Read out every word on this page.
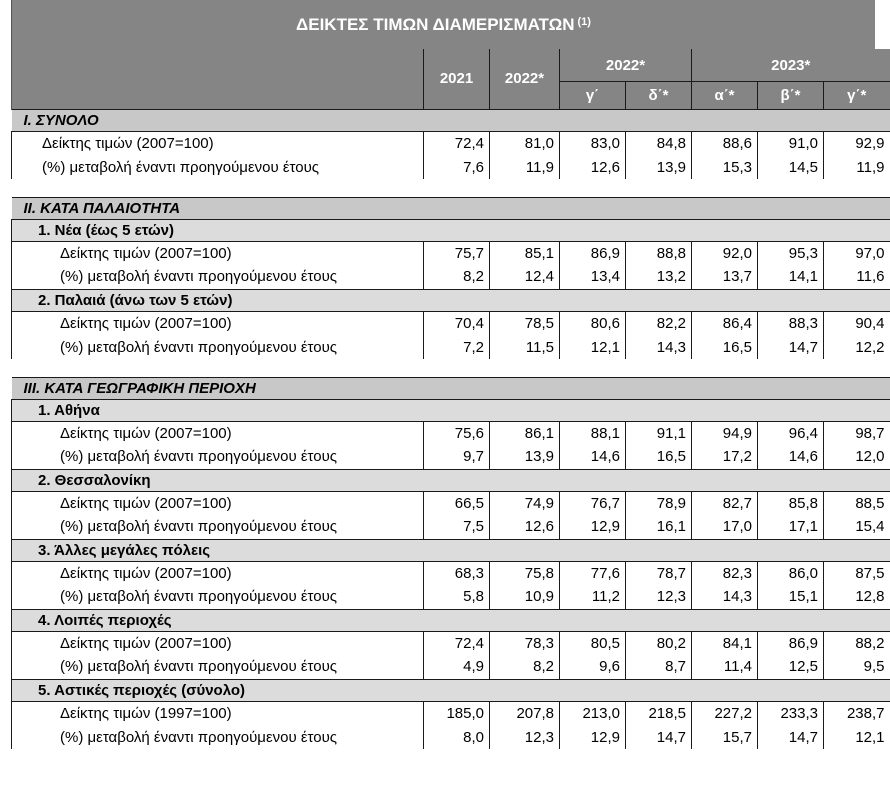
ΔΕΙΚΤΕΣ ΤΙΜΩΝ ΔΙΑΜΕΡΙΣΜΑΤΩΝ $^{(1)}$
	2021	2022*	2022*		2023*		
			γ΄	δ΄*	α΄*	β΄*	γ΄*
I. ΣΥΝΟΛΟ							
Δείκτης τιμών (2007=100)	72,4	81,0	83,0	84,8	88,6	91,0	92,9
(%) μεταβολή έναντι προηγούμενου έτους	7,6	11,9	12,6	13,9	15,3	14,5	11,9

II. ΚΑΤΑ ΠΑΛΑΙΟΤΗΤΑ							
1. Νέα (έως 5 ετών)							
Δείκτης τιμών (2007=100)	75,7	85,1	86,9	88,8	92,0	95,3	97,0
(%) μεταβολή έναντι προηγούμενου έτους	8,2	12,4	13,4	13,2	13,7	14,1	11,6
2. Παλαιά (άνω των 5 ετών)							
Δείκτης τιμών (2007=100)	70,4	78,5	80,6	82,2	86,4	88,3	90,4
(%) μεταβολή έναντι προηγούμενου έτους	7,2	11,5	12,1	14,3	16,5	14,7	12,2

III. ΚΑΤΑ ΓΕΩΓΡΑΦΙΚΗ ΠΕΡΙΟΧΗ							
1. Αθήνα							
Δείκτης τιμών (2007=100)	75,6	86,1	88,1	91,1	94,9	96,4	98,7
(%) μεταβολή έναντι προηγούμενου έτους	9,7	13,9	14,6	16,5	17,2	14,6	12,0
2. Θεσσαλονίκη							
Δείκτης τιμών (2007=100)	66,5	74,9	76,7	78,9	82,7	85,8	88,5
(%) μεταβολή έναντι προηγούμενου έτους	7,5	12,6	12,9	16,1	17,0	17,1	15,4
3. Άλλες μεγάλες πόλεις							
Δείκτης τιμών (2007=100)	68,3	75,8	77,6	78,7	82,3	86,0	87,5
(%) μεταβολή έναντι προηγούμενου έτους	5,8	10,9	11,2	12,3	14,3	15,1	12,8
4. Λοιπές περιοχές							
Δείκτης τιμών (2007=100)	72,4	78,3	80,5	80,2	84,1	86,9	88,2
(%) μεταβολή έναντι προηγούμενου έτους	4,9	8,2	9,6	8,7	11,4	12,5	9,5
5. Αστικές περιοχές (σύνολο)							
Δείκτης τιμών (1997=100)	185,0	207,8	213,0	218,5	227,2	233,3	238,7
(%) μεταβολή έναντι προηγούμενου έτους	8,0	12,3	12,9	14,7	15,7	14,7	12,1
